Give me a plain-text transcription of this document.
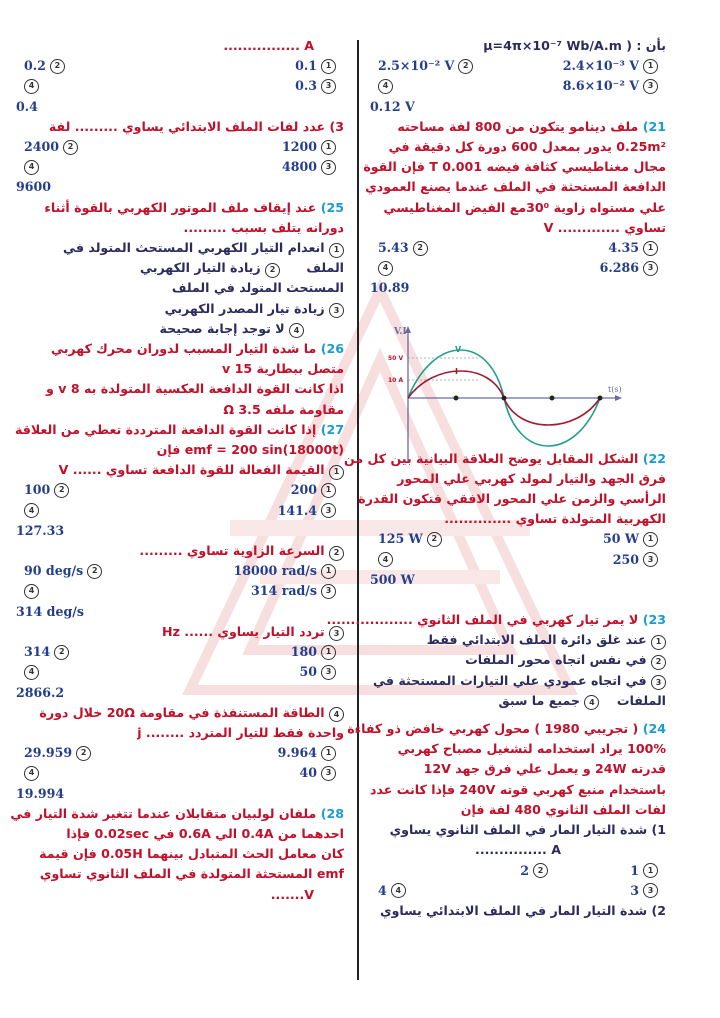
بأن : ( μ=4π×10⁻⁷ Wb/A.m
1
2.4×10⁻³ V
2
2.5×10⁻² V
3
8.6×10⁻² V
4
0.12 V
21) ملف دينامو يتكون من 800 لفة مساحته
0.25m² يدور بمعدل 600 دورة كل دقيقة في
مجال مغناطيسي كثافة فيضه T 0.001 فإن القوة
الدافعة المستحثة في الملف عندما يصنع العمودي
علي مستواه زاوية 30⁰مع الفيض المغناطيسي
تساوي ............. V
1
4.35
2
5.43
3
6.286
4
10.89
22) الشكل المقابل يوضح العلاقة البيانية بين كل من
فرق الجهد والتيار لمولد كهربي علي المحور
الرأسي والزمن علي المحور الافقي فتكون القدرة
الكهربية المتولدة تساوي ..............
1
50 W
2
125 W
3
250
4
500 W
23) لا يمر تيار كهربي في الملف الثانوي ..................
1 عند غلق دائرة الملف الابتدائي فقط
2 في نفس اتجاه محور الملفات
3 في اتجاه عمودي علي التيارات المستحثة في
الملفات    4 جميع ما سبق
24) ( تجريبي 1980 ) محول كهربي خافض ذو كفاءة
100% يراد استخدامه لتشغيل مصباح كهربي
قدرته 24W و يعمل علي فرق جهد 12V
باستخدام منبع كهربي قوته 240V فإذا كانت عدد
لفات الملف الثانوي 480 لفة فإن
1) شدة التيار المار في الملف الثانوي يساوي
A ...............
1
1
2
2
3
3
4
4
2) شدة التيار المار في الملف الابتدائي يساوي
V.I
t(s)
50 V
10 A
V
I
A ................
1
0.1
2
0.2
3
0.3
4
0.4
3) عدد لفات الملف الابتدائي يساوي ......... لفة
1
1200
2
2400
3
4800
4
9600
25) عند إيقاف ملف الموتور الكهربي بالقوة أثناء
دورانه يتلف بسبب .........
1 انعدام التيار الكهربي المستحث المتولد في
الملف      2 زيادة التيار الكهربي
المستحث المتولد في الملف
3 زيادة تيار المصدر الكهربي
4 لا توجد إجابة صحيحة
26) ما شدة التيار المسبب لدوران محرك كهربي
متصل ببطارية 15 v
اذا كانت القوة الدافعة العكسية المتولدة به 8 v و
مقاومة ملفه 3.5 Ω
27) إذا كانت القوة الدافعة المترددة تعطي من العلاقة
emf = 200 sin(18000t) فإن
1 القيمة الفعالة للقوة الدافعة تساوي ...... V
1
200
2
100
3
141.4
4
127.33
2 السرعة الزاوية تساوي .........
1
18000 rad/s
2
90 deg/s
3
314 rad/s
4
314 deg/s
3 تردد التيار يساوي ...... Hz
1
180
2
314
3
50
4
2866.2
4 الطاقة المستنفذة في مقاومة 20Ω خلال دورة
واحدة فقط للتيار المتردد ........ j
1
9.964
2
29.959
3
40
4
19.994
28) ملفان لولبيان متقابلان عندما تتغير شدة التيار في
احدهما من 0.4A الي 0.6A في 0.02sec فإذا
كان معامل الحث المتبادل بينهما 0.05H فإن قيمة
emf المستحثة المتولدة في الملف الثانوي تساوي
V.......
